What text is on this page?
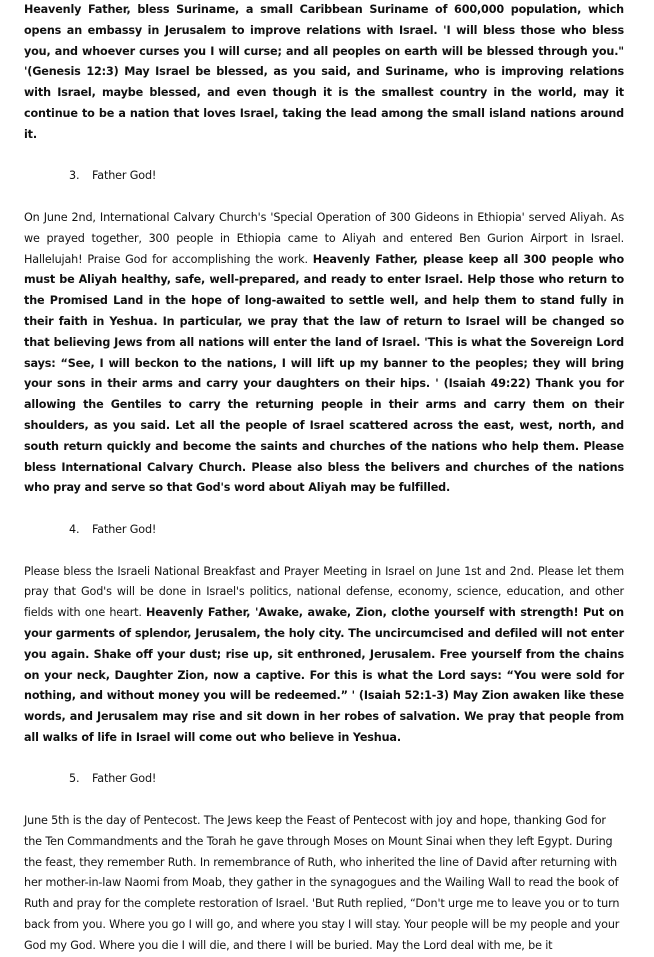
Heavenly Father, bless Suriname, a small Caribbean Suriname of 600,000 population, which opens an embassy in Jerusalem to improve relations with Israel. 'I will bless those who bless you, and whoever curses you I will curse; and all peoples on earth will be blessed through you." '(Genesis 12:3) May Israel be blessed, as you said, and Suriname, who is improving relations with Israel, maybe blessed, and even though it is the smallest country in the world, may it continue to be a nation that loves Israel, taking the lead among the small island nations around it.

3. Father God!

On June 2nd, International Calvary Church's 'Special Operation of 300 Gideons in Ethiopia' served Aliyah. As we prayed together, 300 people in Ethiopia came to Aliyah and entered Ben Gurion Airport in Israel. Hallelujah! Praise God for accomplishing the work. Heavenly Father, please keep all 300 people who must be Aliyah healthy, safe, well-prepared, and ready to enter Israel. Help those who return to the Promised Land in the hope of long-awaited to settle well, and help them to stand fully in their faith in Yeshua. In particular, we pray that the law of return to Israel will be changed so that believing Jews from all nations will enter the land of Israel. 'This is what the Sovereign Lord says: “See, I will beckon to the nations, I will lift up my banner to the peoples; they will bring your sons in their arms and carry your daughters on their hips. ' (Isaiah 49:22) Thank you for allowing the Gentiles to carry the returning people in their arms and carry them on their shoulders, as you said. Let all the people of Israel scattered across the east, west, north, and south return quickly and become the saints and churches of the nations who help them. Please bless International Calvary Church. Please also bless the belivers and churches of the nations who pray and serve so that God's word about Aliyah may be fulfilled.

4. Father God!

Please bless the Israeli National Breakfast and Prayer Meeting in Israel on June 1st and 2nd. Please let them pray that God's will be done in Israel's politics, national defense, economy, science, education, and other fields with one heart. Heavenly Father, 'Awake, awake, Zion, clothe yourself with strength! Put on your garments of splendor, Jerusalem, the holy city. The uncircumcised and defiled will not enter you again. Shake off your dust; rise up, sit enthroned, Jerusalem. Free yourself from the chains on your neck, Daughter Zion, now a captive. For this is what the Lord says: “You were sold for nothing, and without money you will be redeemed.” ' (Isaiah 52:1-3) May Zion awaken like these words, and Jerusalem may rise and sit down in her robes of salvation. We pray that people from all walks of life in Israel will come out who believe in Yeshua.

5. Father God!

June 5th is the day of Pentecost. The Jews keep the Feast of Pentecost with joy and hope, thanking God for the Ten Commandments and the Torah he gave through Moses on Mount Sinai when they left Egypt. During the feast, they remember Ruth. In remembrance of Ruth, who inherited the line of David after returning with her mother-in-law Naomi from Moab, they gather in the synagogues and the Wailing Wall to read the book of Ruth and pray for the complete restoration of Israel. 'But Ruth replied, “Don't urge me to leave you or to turn back from you. Where you go I will go, and where you stay I will stay. Your people will be my people and your God my God. Where you die I will die, and there I will be buried. May the Lord deal with me, be it
